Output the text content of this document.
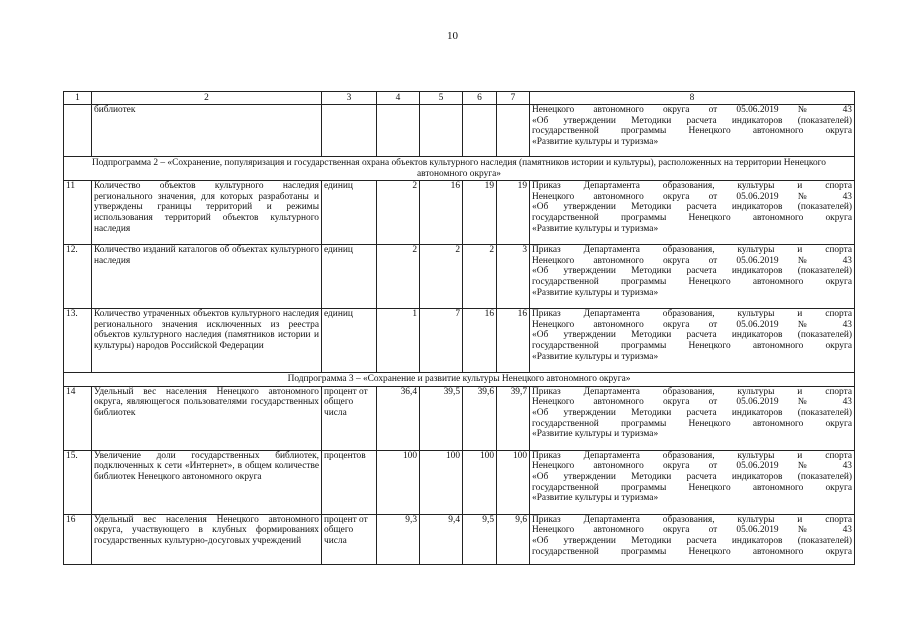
10
1	2	3	4	5	6	7	8
	библиотек						Ненецкого автономного округа от 05.06.2019 № 43
«Об утверждении Методики расчета индикаторов (показателей)
государственной программы Ненецкого автономного округа
«Развитие культуры и туризма»

Подпрограмма 2 – «Сохранение, популяризация и государственная охрана объектов культурного наследия (памятников истории и культуры), расположенных на территории Ненецкого автономного округа»							
11	Количество объектов культурного наследия регионального значения, для которых разработаны и утверждены границы территорий и режимы использования территорий объектов культурного наследия	единиц	2	16	19	19	Приказ Департамента образования, культуры и спорта
Ненецкого автономного округа от 05.06.2019 № 43
«Об утверждении Методики расчета индикаторов (показателей)
государственной программы Ненецкого автономного округа
«Развитие культуры и туризма»

12.	Количество изданий каталогов об объектах культурного наследия	единиц	2	2	2	3	Приказ Департамента образования, культуры и спорта
Ненецкого автономного округа от 05.06.2019 № 43
«Об утверждении Методики расчета индикаторов (показателей)
государственной программы Ненецкого автономного округа
«Развитие культуры и туризма»

13.	Количество утраченных объектов культурного наследия регионального значения исключенных из реестра объектов культурного наследия (памятников истории и культуры) народов Российской Федерации	единиц	1	7	16	16	Приказ Департамента образования, культуры и спорта
Ненецкого автономного округа от 05.06.2019 № 43
«Об утверждении Методики расчета индикаторов (показателей)
государственной программы Ненецкого автономного округа
«Развитие культуры и туризма»

Подпрограмма 3 – «Сохранение и развитие культуры Ненецкого автономного округа»							
14	Удельный вес населения Ненецкого автономного округа, являющегося пользователями государственных библиотек	процент от общего числа	36,4	39,5	39,6	39,7	Приказ Департамента образования, культуры и спорта
Ненецкого автономного округа от 05.06.2019 № 43
«Об утверждении Методики расчета индикаторов (показателей)
государственной программы Ненецкого автономного округа
«Развитие культуры и туризма»

15.	Увеличение доли государственных библиотек, подключенных к сети «Интернет», в общем количестве библиотек Ненецкого автономного округа	процентов	100	100	100	100	Приказ Департамента образования, культуры и спорта
Ненецкого автономного округа от 05.06.2019 № 43
«Об утверждении Методики расчета индикаторов (показателей)
государственной программы Ненецкого автономного округа
«Развитие культуры и туризма»

16	Удельный вес населения Ненецкого автономного округа, участвующего в клубных формированиях государственных культурно-досуговых учреждений	процент от общего числа	9,3	9,4	9,5	9,6	Приказ Департамента образования, культуры и спорта
Ненецкого автономного округа от 05.06.2019 № 43
«Об утверждении Методики расчета индикаторов (показателей)
государственной программы Ненецкого автономного округа
